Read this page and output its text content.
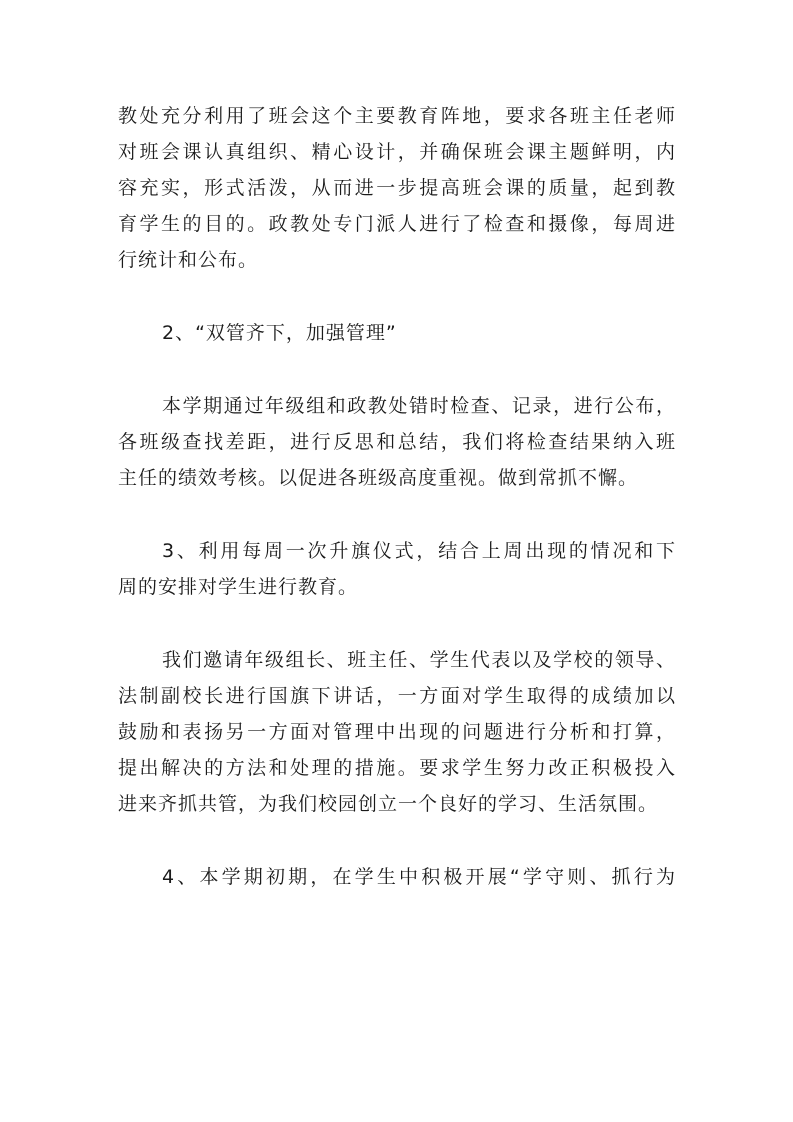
教处充分利用了班会这个主要教育阵地，要求各班主任老师
对班会课认真组织、精心设计，并确保班会课主题鲜明，内
容充实，形式活泼，从而进一步提高班会课的质量，起到教
育学生的目的。政教处专门派人进行了检查和摄像，每周进
行统计和公布。
2、“双管齐下，加强管理”
本学期通过年级组和政教处错时检查、记录，进行公布，
各班级查找差距，进行反思和总结，我们将检查结果纳入班
主任的绩效考核。以促进各班级高度重视。做到常抓不懈。
3、利用每周一次升旗仪式，结合上周出现的情况和下
周的安排对学生进行教育。
我们邀请年级组长、班主任、学生代表以及学校的领导、
法制副校长进行国旗下讲话，一方面对学生取得的成绩加以
鼓励和表扬另一方面对管理中出现的问题进行分析和打算，
提出解决的方法和处理的措施。要求学生努力改正积极投入
进来齐抓共管，为我们校园创立一个良好的学习、生活氛围。
4、本学期初期，在学生中积极开展“学守则、抓行为
